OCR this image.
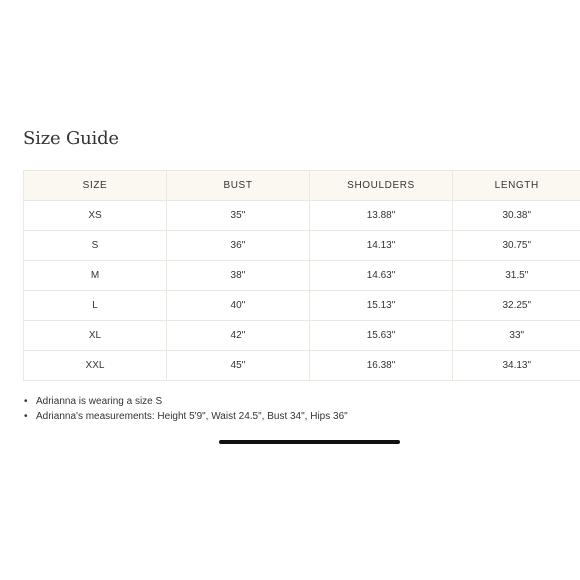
Size Guide
SIZE	BUST	SHOULDERS	LENGTH
XS	35''	13.88"	30.38"
S	36''	14.13"	30.75"
M	38''	14.63"	31.5"
L	40''	15.13"	32.25"
XL	42''	15.63"	33"
XXL	45''	16.38"	34.13"
• Adrianna is wearing a size S
• Adrianna's measurements: Height 5'9", Waist 24.5", Bust 34", Hips 36"
